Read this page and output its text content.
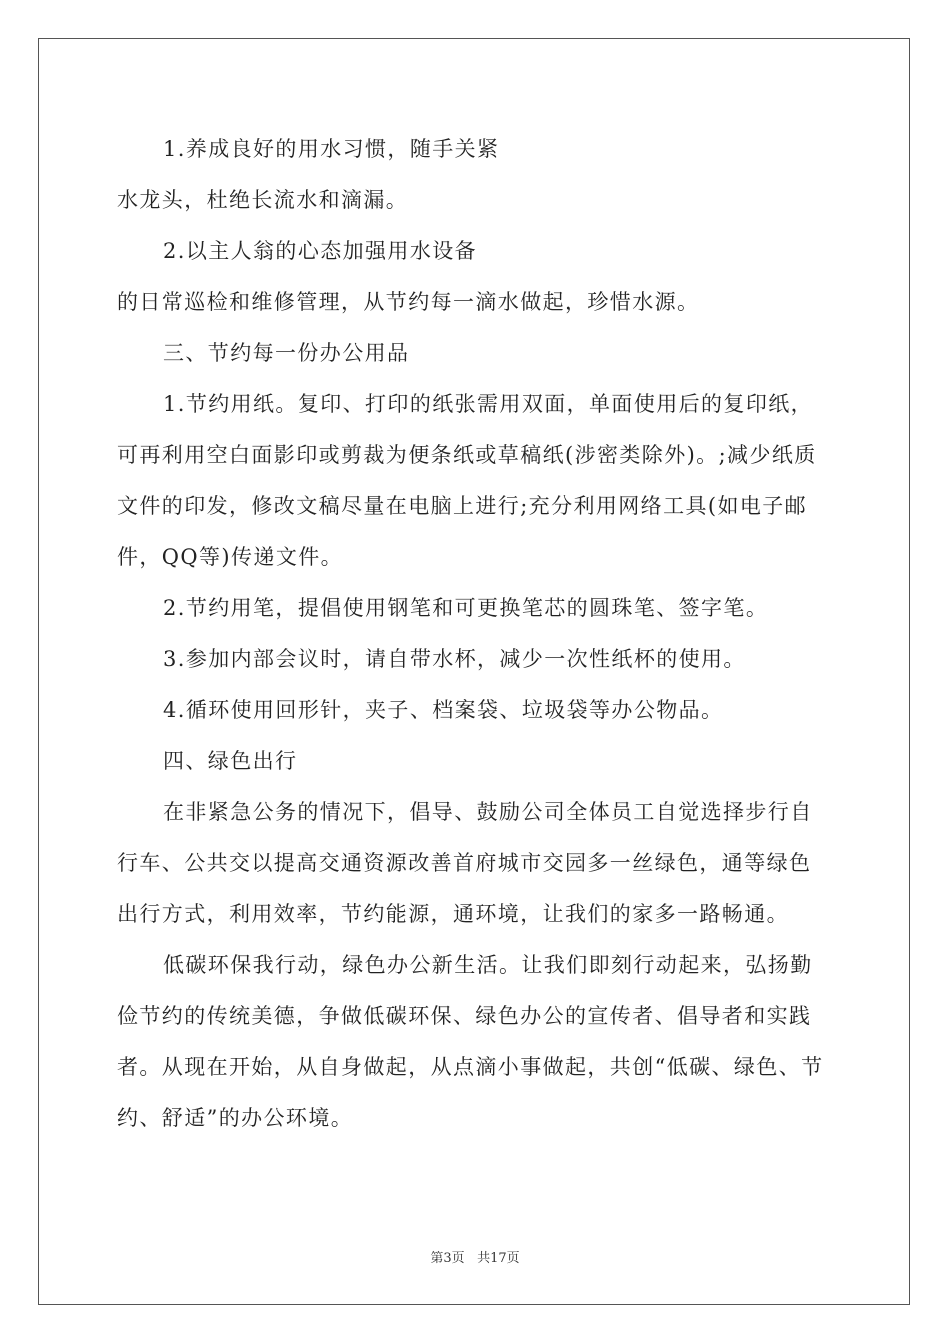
1.养成良好的用水习惯，随手关紧

水龙头，杜绝长流水和滴漏。

2.以主人翁的心态加强用水设备

的日常巡检和维修管理，从节约每一滴水做起，珍惜水源。

三、节约每一份办公用品

1.节约用纸。复印、打印的纸张需用双面，单面使用后的复印纸，可再利用空白面影印或剪裁为便条纸或草稿纸(涉密类除外)。;减少纸质文件的印发，修改文稿尽量在电脑上进行;充分利用网络工具(如电子邮件，QQ等)传递文件。

2.节约用笔，提倡使用钢笔和可更换笔芯的圆珠笔、签字笔。

3.参加内部会议时，请自带水杯，减少一次性纸杯的使用。

4.循环使用回形针，夹子、档案袋、垃圾袋等办公物品。

四、绿色出行

在非紧急公务的情况下，倡导、鼓励公司全体员工自觉选择步行自行车、公共交以提高交通资源改善首府城市交园多一丝绿色，通等绿色出行方式，利用效率，节约能源，通环境，让我们的家多一路畅通。

低碳环保我行动，绿色办公新生活。让我们即刻行动起来，弘扬勤俭节约的传统美德，争做低碳环保、绿色办公的宣传者、倡导者和实践者。从现在开始，从自身做起，从点滴小事做起，共创“低碳、绿色、节约、舒适”的办公环境。

第3页 共17页
